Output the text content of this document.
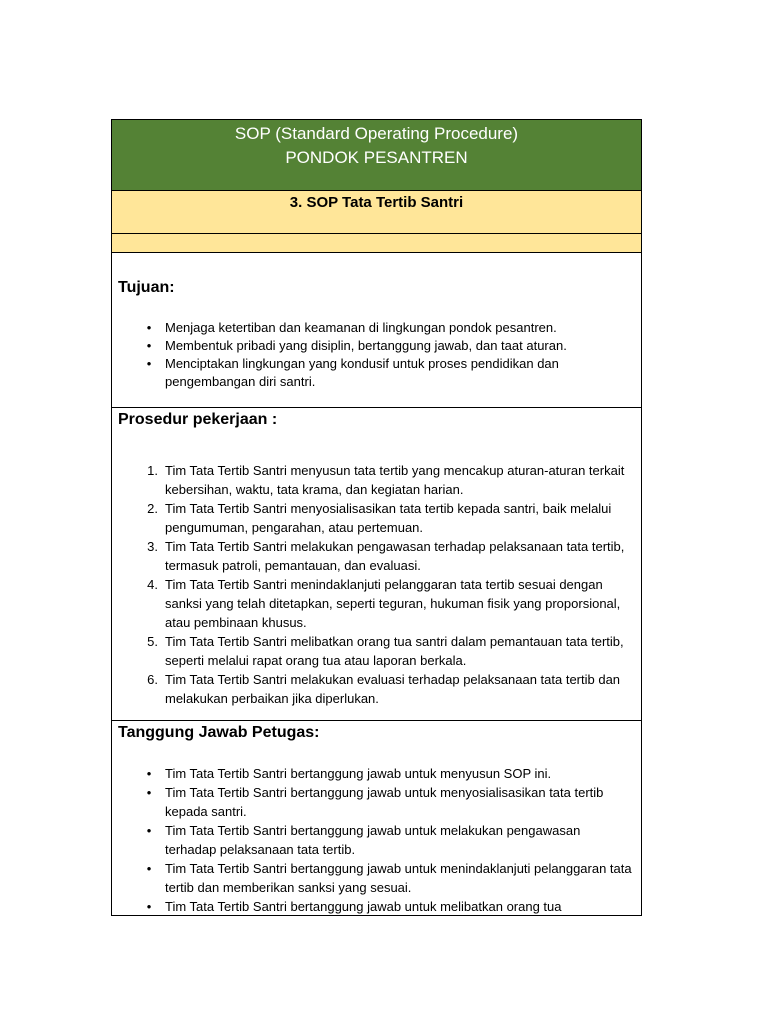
SOP (Standard Operating Procedure)
PONDOK PESANTREN
3. SOP Tata Tertib Santri
Tujuan:
•	Menjaga ketertiban dan keamanan di lingkungan pondok pesantren.
•	Membentuk pribadi yang disiplin, bertanggung jawab, dan taat aturan.
•	Menciptakan lingkungan yang kondusif untuk proses pendidikan dan pengembangan diri santri.
Prosedur pekerjaan :
1. Tim Tata Tertib Santri menyusun tata tertib yang mencakup aturan-aturan terkait kebersihan, waktu, tata krama, dan kegiatan harian.
2. Tim Tata Tertib Santri menyosialisasikan tata tertib kepada santri, baik melalui pengumuman, pengarahan, atau pertemuan.
3. Tim Tata Tertib Santri melakukan pengawasan terhadap pelaksanaan tata tertib, termasuk patroli, pemantauan, dan evaluasi.
4. Tim Tata Tertib Santri menindaklanjuti pelanggaran tata tertib sesuai dengan sanksi yang telah ditetapkan, seperti teguran, hukuman fisik yang proporsional, atau pembinaan khusus.
5. Tim Tata Tertib Santri melibatkan orang tua santri dalam pemantauan tata tertib, seperti melalui rapat orang tua atau laporan berkala.
6. Tim Tata Tertib Santri melakukan evaluasi terhadap pelaksanaan tata tertib dan melakukan perbaikan jika diperlukan.
Tanggung Jawab Petugas:
•	Tim Tata Tertib Santri bertanggung jawab untuk menyusun SOP ini.
•	Tim Tata Tertib Santri bertanggung jawab untuk menyosialisasikan tata tertib kepada santri.
•	Tim Tata Tertib Santri bertanggung jawab untuk melakukan pengawasan terhadap pelaksanaan tata tertib.
•	Tim Tata Tertib Santri bertanggung jawab untuk menindaklanjuti pelanggaran tata tertib dan memberikan sanksi yang sesuai.
•	Tim Tata Tertib Santri bertanggung jawab untuk melibatkan orang tua
